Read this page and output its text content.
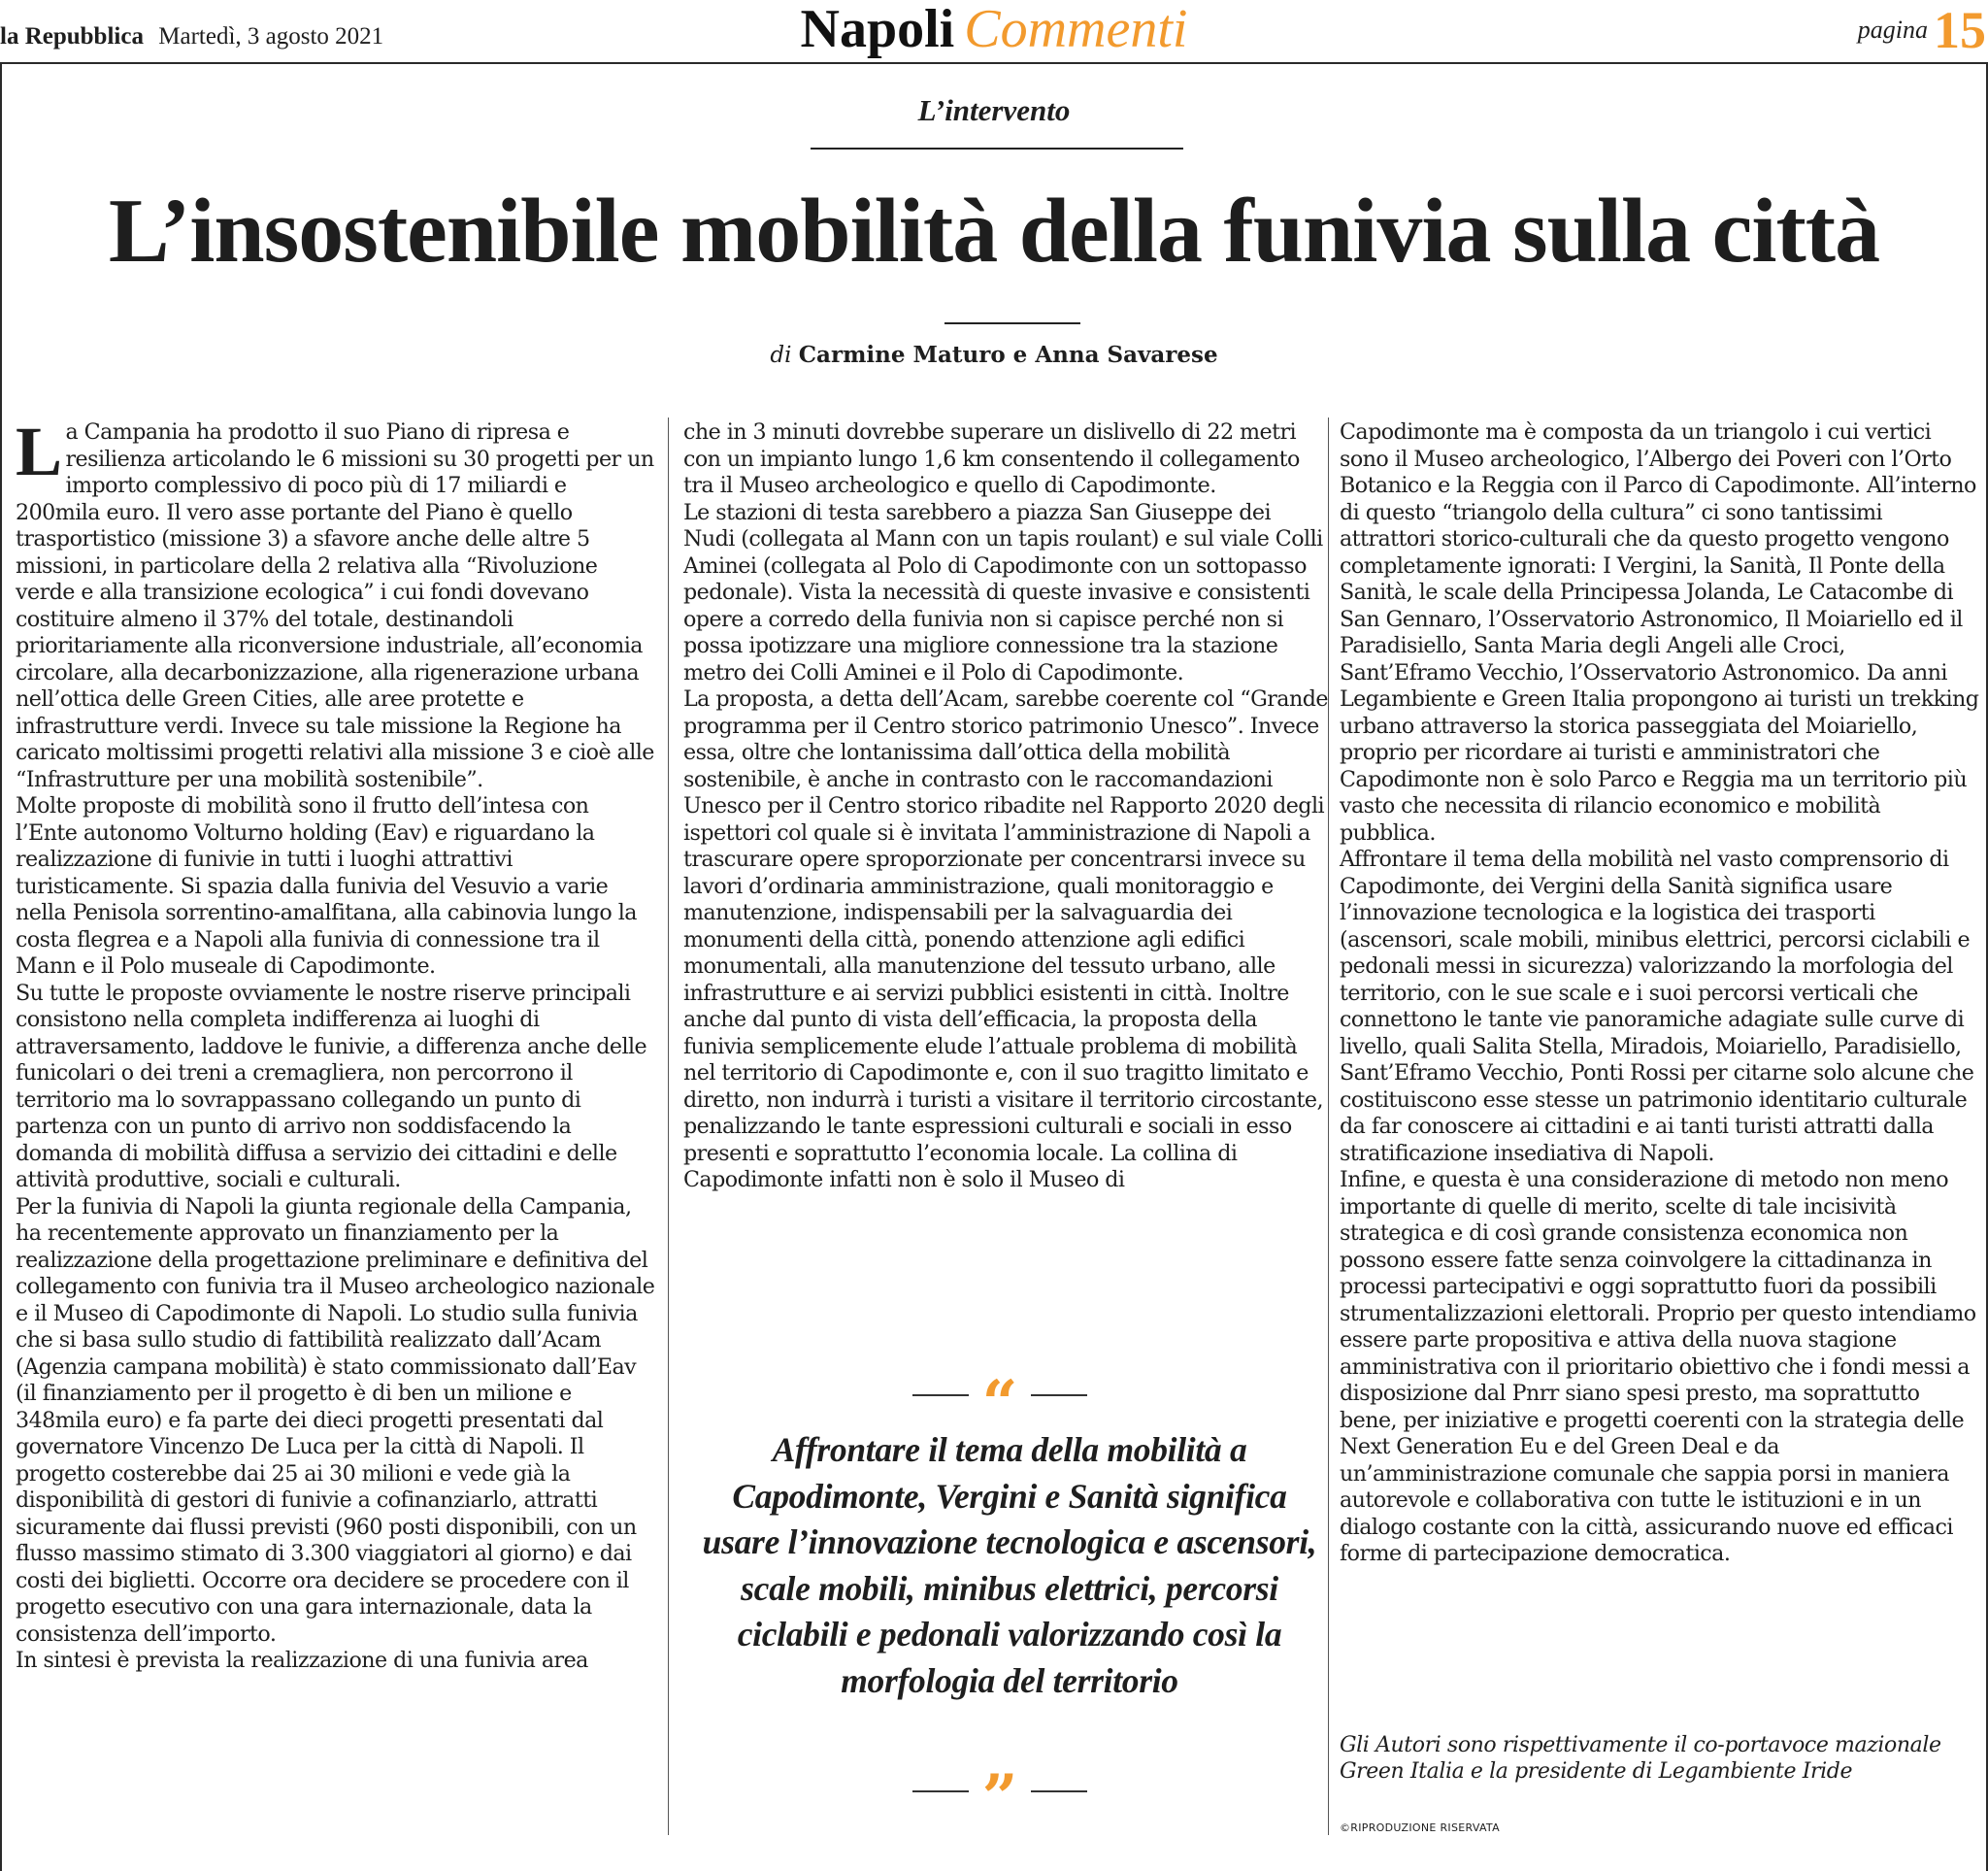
la Repubblica Martedì, 3 agosto 2021	Napoli Commenti	pagina 15
L’intervento
L’insostenibile mobilità della funivia sulla città
di Carmine Maturo e Anna Savarese

La Campania ha prodotto il suo Piano di ripresa e resilienza articolando le 6 missioni su 30 progetti per un importo complessivo di poco più di 17 miliardi e 200mila euro. Il vero asse portante del Piano è quello trasportistico (missione 3) a sfavore anche delle altre 5 missioni, in particolare della 2 relativa alla “Rivoluzione verde e alla transizione ecologica” i cui fondi dovevano costituire almeno il 37% del totale, destinandoli prioritariamente alla riconversione industriale, all’economia circolare, alla decarbonizzazione, alla rigenerazione urbana nell’ottica delle Green Cities, alle aree protette e infrastrutture verdi. Invece su tale missione la Regione ha caricato moltissimi progetti relativi alla missione 3 e cioè alle “Infrastrutture per una mobilità sostenibile”.

Molte proposte di mobilità sono il frutto dell’intesa con l’Ente autonomo Volturno holding (Eav) e riguardano la realizzazione di funivie in tutti i luoghi attrattivi turisticamente. Si spazia dalla funivia del Vesuvio a varie nella Penisola sorrentino-amalfitana, alla cabinovia lungo la costa flegrea e a Napoli alla funivia di connessione tra il Mann e il Polo museale di Capodimonte.

Su tutte le proposte ovviamente le nostre riserve principali consistono nella completa indifferenza ai luoghi di attraversamento, laddove le funivie, a differenza anche delle funicolari o dei treni a cremagliera, non percorrono il territorio ma lo sovrappassano collegando un punto di partenza con un punto di arrivo non soddisfacendo la domanda di mobilità diffusa a servizio dei cittadini e delle attività produttive, sociali e culturali.

Per la funivia di Napoli la giunta regionale della Campania, ha recentemente approvato un finanziamento per la realizzazione della progettazione preliminare e definitiva del collegamento con funivia tra il Museo archeologico nazionale e il Museo di Capodimonte di Napoli. Lo studio sulla funivia che si basa sullo studio di fattibilità realizzato dall’Acam (Agenzia campana mobilità) è stato commissionato dall’Eav (il finanziamento per il progetto è di ben un milione e 348mila euro) e fa parte dei dieci progetti presentati dal governatore Vincenzo De Luca per la città di Napoli. Il progetto costerebbe dai 25 ai 30 milioni e vede già la disponibilità di gestori di funivie a cofinanziarlo, attratti sicuramente dai flussi previsti (960 posti disponibili, con un flusso massimo stimato di 3.300 viaggiatori al giorno) e dai costi dei biglietti. Occorre ora decidere se procedere con il progetto esecutivo con una gara internazionale, data la consistenza dell’importo.

In sintesi è prevista la realizzazione di una funivia area

che in 3 minuti dovrebbe superare un dislivello di 22 metri con un impianto lungo 1,6 km consentendo il collegamento tra il Museo archeologico e quello di Capodimonte.

Le stazioni di testa sarebbero a piazza San Giuseppe dei Nudi (collegata al Mann con un tapis roulant) e sul viale Colli Aminei (collegata al Polo di Capodimonte con un sottopasso pedonale). Vista la necessità di queste invasive e consistenti opere a corredo della funivia non si capisce perché non si possa ipotizzare una migliore connessione tra la stazione metro dei Colli Aminei e il Polo di Capodimonte.

La proposta, a detta dell’Acam, sarebbe coerente col “Grande programma per il Centro storico patrimonio Unesco”. Invece essa, oltre che lontanissima dall’ottica della mobilità sostenibile, è anche in contrasto con le raccomandazioni Unesco per il Centro storico ribadite nel Rapporto 2020 degli ispettori col quale si è invitata l’amministrazione di Napoli a trascurare opere sproporzionate per concentrarsi invece su lavori d’ordinaria amministrazione, quali monitoraggio e manutenzione, indispensabili per la salvaguardia dei monumenti della città, ponendo attenzione agli edifici monumentali, alla manutenzione del tessuto urbano, alle infrastrutture e ai servizi pubblici esistenti in città. Inoltre anche dal punto di vista dell’efficacia, la proposta della funivia semplicemente elude l’attuale problema di mobilità nel territorio di Capodimonte e, con il suo tragitto limitato e diretto, non indurrà i turisti a visitare il territorio circostante, penalizzando le tante espressioni culturali e sociali in esso presenti e soprattutto l’economia locale. La collina di Capodimonte infatti non è solo il Museo di

Capodimonte ma è composta da un triangolo i cui vertici sono il Museo archeologico, l’Albergo dei Poveri con l’Orto Botanico e la Reggia con il Parco di Capodimonte. All’interno di questo “triangolo della cultura” ci sono tantissimi attrattori storico-culturali che da questo progetto vengono completamente ignorati: I Vergini, la Sanità, Il Ponte della Sanità, le scale della Principessa Jolanda, Le Catacombe di San Gennaro, l’Osservatorio Astronomico, Il Moiariello ed il Paradisiello, Santa Maria degli Angeli alle Croci, Sant’Eframo Vecchio, l’Osservatorio Astronomico. Da anni Legambiente e Green Italia propongono ai turisti un trekking urbano attraverso la storica passeggiata del Moiariello, proprio per ricordare ai turisti e amministratori che Capodimonte non è solo Parco e Reggia ma un territorio più vasto che necessita di rilancio economico e mobilità pubblica.

Affrontare il tema della mobilità nel vasto comprensorio di Capodimonte, dei Vergini della Sanità significa usare l’innovazione tecnologica e la logistica dei trasporti (ascensori, scale mobili, minibus elettrici, percorsi ciclabili e pedonali messi in sicurezza) valorizzando la morfologia del territorio, con le sue scale e i suoi percorsi verticali che connettono le tante vie panoramiche adagiate sulle curve di livello, quali Salita Stella, Miradois, Moiariello, Paradisiello, Sant’Eframo Vecchio, Ponti Rossi per citarne solo alcune che costituiscono esse stesse un patrimonio identitario culturale da far conoscere ai cittadini e ai tanti turisti attratti dalla stratificazione insediativa di Napoli.

Infine, e questa è una considerazione di metodo non meno importante di quelle di merito, scelte di tale incisività strategica e di così grande consistenza economica non possono essere fatte senza coinvolgere la cittadinanza in processi partecipativi e oggi soprattutto fuori da possibili strumentalizzazioni elettorali. Proprio per questo intendiamo essere parte propositiva e attiva della nuova stagione amministrativa con il prioritario obiettivo che i fondi messi a disposizione dal Pnrr siano spesi presto, ma soprattutto bene, per iniziative e progetti coerenti con la strategia delle Next Generation Eu e del Green Deal e da un’amministrazione comunale che sappia porsi in maniera autorevole e collaborativa con tutte le istituzioni e in un dialogo costante con la città, assicurando nuove ed efficaci forme di partecipazione democratica.

“
Affrontare il tema della mobilità a Capodimonte, Vergini e Sanità significa usare l’innovazione tecnologica e ascensori, scale mobili, minibus elettrici, percorsi ciclabili e pedonali valorizzando così la morfologia del territorio
”
Gli Autori sono rispettivamente il co-portavoce mazionale Green Italia e la presidente di Legambiente Iride
©RIPRODUZIONE RISERVATA
